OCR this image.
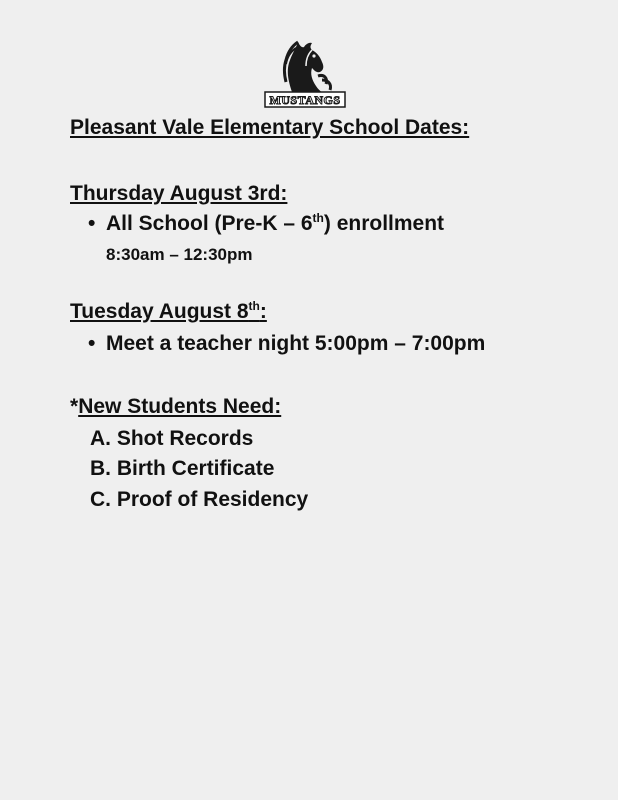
MUSTANGS
Pleasant Vale Elementary School Dates:
Thursday August 3rd:
• All School (Pre-K – 6th) enrollment
8:30am – 12:30pm
Tuesday August 8th:
• Meet a teacher night 5:00pm – 7:00pm
*New Students Need:
A. Shot Records
B. Birth Certificate
C. Proof of Residency
